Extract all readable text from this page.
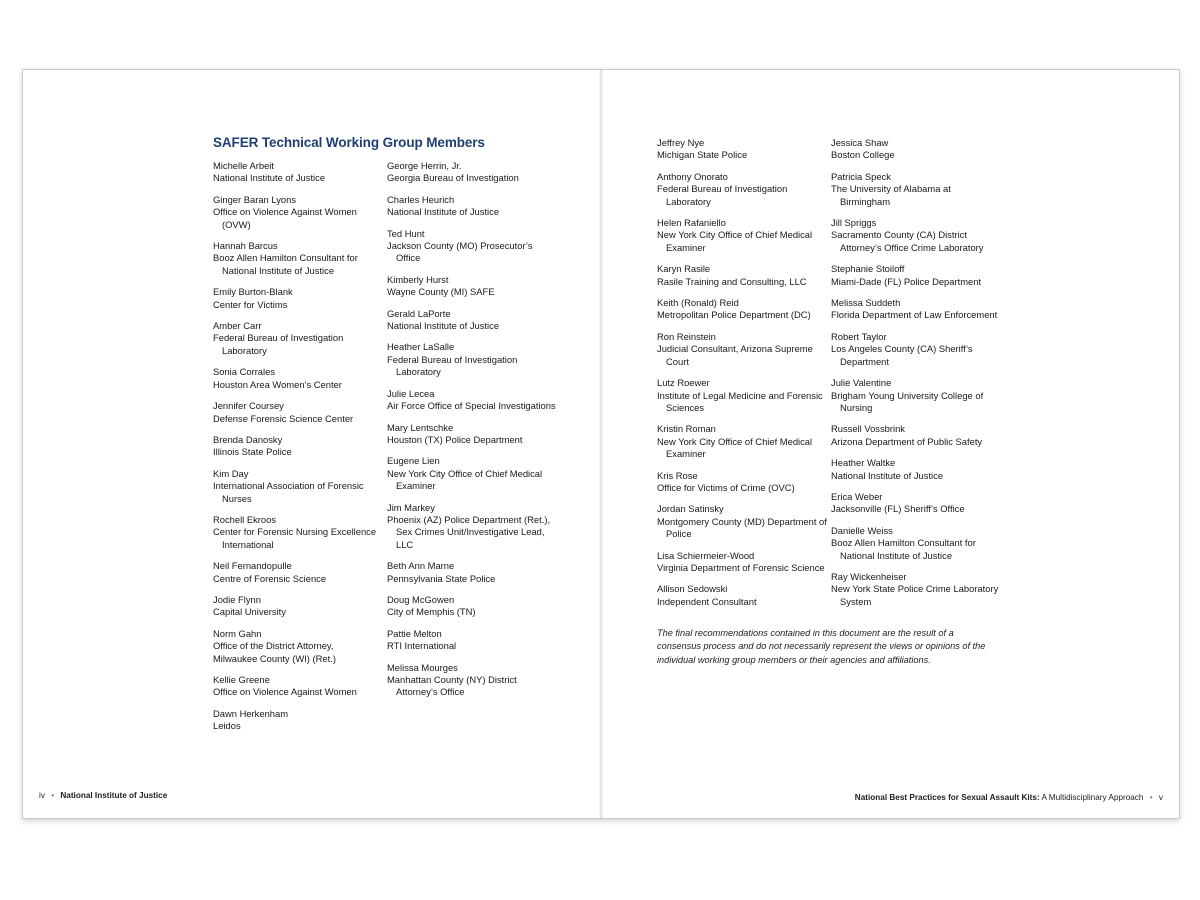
SAFER Technical Working Group Members
Michelle Arbeit
National Institute of Justice
Ginger Baran Lyons
Office on Violence Against Women (OVW)
Hannah Barcus
Booz Allen Hamilton Consultant for National Institute of Justice
Emily Burton-Blank
Center for Victims
Amber Carr
Federal Bureau of Investigation Laboratory
Sonia Corrales
Houston Area Women’s Center
Jennifer Coursey
Defense Forensic Science Center
Brenda Danosky
Illinois State Police
Kim Day
International Association of Forensic Nurses
Rochell Ekroos
Center for Forensic Nursing Excellence International
Neil Fernandopulle
Centre of Forensic Science
Jodie Flynn
Capital University
Norm Gahn
Office of the District Attorney,
Milwaukee County (WI) (Ret.)
Kellie Greene
Office on Violence Against Women
Dawn Herkenham
Leidos
George Herrin, Jr.
Georgia Bureau of Investigation
Charles Heurich
National Institute of Justice
Ted Hunt
Jackson County (MO) Prosecutor’s Office
Kimberly Hurst
Wayne County (MI) SAFE
Gerald LaPorte
National Institute of Justice
Heather LaSalle
Federal Bureau of Investigation Laboratory
Julie Lecea
Air Force Office of Special Investigations
Mary Lentschke
Houston (TX) Police Department
Eugene Lien
New York City Office of Chief Medical Examiner
Jim Markey
Phoenix (AZ) Police Department (Ret.), Sex Crimes Unit/Investigative Lead, LLC
Beth Ann Marne
Pennsylvania State Police
Doug McGowen
City of Memphis (TN)
Pattie Melton
RTI International
Melissa Mourges
Manhattan County (NY) District Attorney’s Office
Jeffrey Nye
Michigan State Police
Anthony Onorato
Federal Bureau of Investigation Laboratory
Helen Rafaniello
New York City Office of Chief Medical Examiner
Karyn Rasile
Rasile Training and Consulting, LLC
Keith (Ronald) Reid
Metropolitan Police Department (DC)
Ron Reinstein
Judicial Consultant, Arizona Supreme Court
Lutz Roewer
Institute of Legal Medicine and Forensic Sciences
Kristin Roman
New York City Office of Chief Medical Examiner
Kris Rose
Office for Victims of Crime (OVC)
Jordan Satinsky
Montgomery County (MD) Department of Police
Lisa Schiermeier-Wood
Virginia Department of Forensic Science
Allison Sedowski
Independent Consultant
Jessica Shaw
Boston College
Patricia Speck
The University of Alabama at Birmingham
Jill Spriggs
Sacramento County (CA) District Attorney’s Office Crime Laboratory
Stephanie Stoiloff
Miami-Dade (FL) Police Department
Melissa Suddeth
Florida Department of Law Enforcement
Robert Taylor
Los Angeles County (CA) Sheriff’s Department
Julie Valentine
Brigham Young University College of Nursing
Russell Vossbrink
Arizona Department of Public Safety
Heather Waltke
National Institute of Justice
Erica Weber
Jacksonville (FL) Sheriff’s Office
Danielle Weiss
Booz Allen Hamilton Consultant for National Institute of Justice
Ray Wickenheiser
New York State Police Crime Laboratory System

The final recommendations contained in this document are the result of a consensus process and do not necessarily represent the views or opinions of the individual working group members or their agencies and affiliations.

iv • National Institute of Justice	National Best Practices for Sexual Assault Kits: A Multidisciplinary Approach • v
